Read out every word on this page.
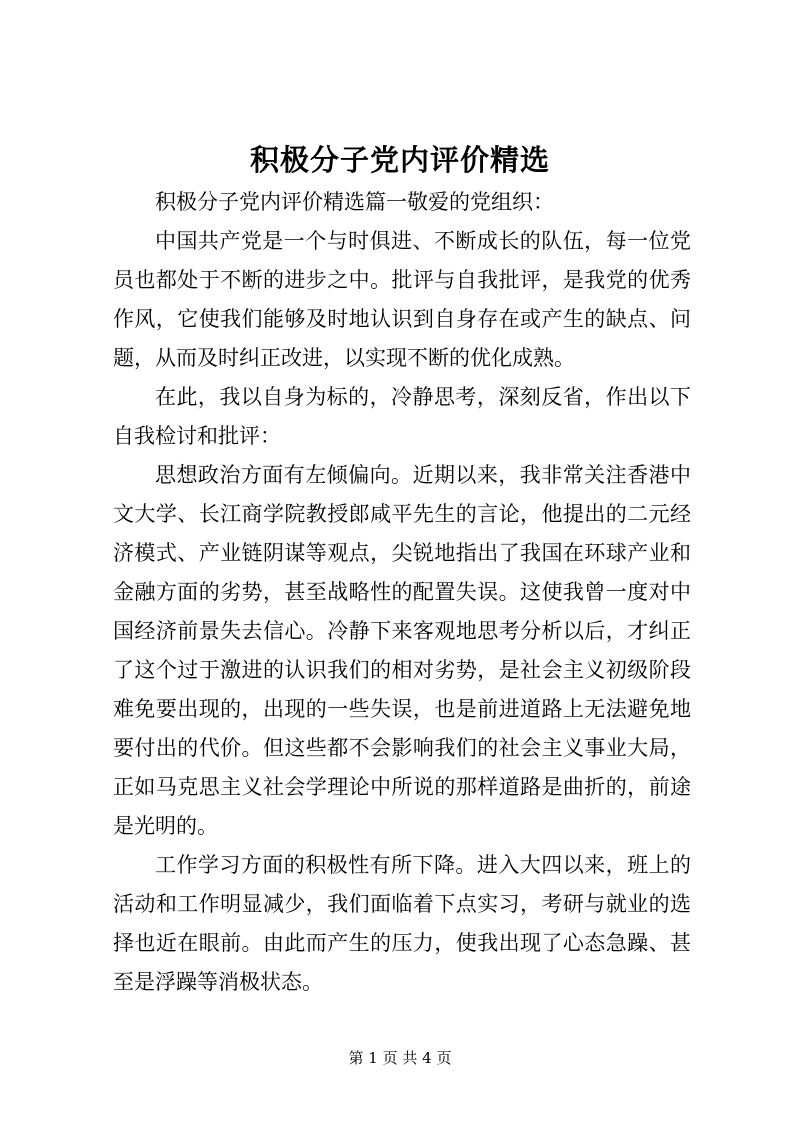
积极分子党内评价精选

积极分子党内评价精选篇一敬爱的党组织：

中国共产党是一个与时俱进、不断成长的队伍，每一位党员也都处于不断的进步之中。批评与自我批评，是我党的优秀作风，它使我们能够及时地认识到自身存在或产生的缺点、问题，从而及时纠正改进，以实现不断的优化成熟。

在此，我以自身为标的，冷静思考，深刻反省，作出以下自我检讨和批评：

思想政治方面有左倾偏向。近期以来，我非常关注香港中文大学、长江商学院教授郎咸平先生的言论，他提出的二元经济模式、产业链阴谋等观点，尖锐地指出了我国在环球产业和金融方面的劣势，甚至战略性的配置失误。这使我曾一度对中国经济前景失去信心。冷静下来客观地思考分析以后，才纠正了这个过于激进的认识我们的相对劣势，是社会主义初级阶段难免要出现的，出现的一些失误，也是前进道路上无法避免地要付出的代价。但这些都不会影响我们的社会主义事业大局，正如马克思主义社会学理论中所说的那样道路是曲折的，前途是光明的。

工作学习方面的积极性有所下降。进入大四以来，班上的活动和工作明显减少，我们面临着下点实习，考研与就业的选择也近在眼前。由此而产生的压力，使我出现了心态急躁、甚至是浮躁等消极状态。

第 1 页 共 4 页
